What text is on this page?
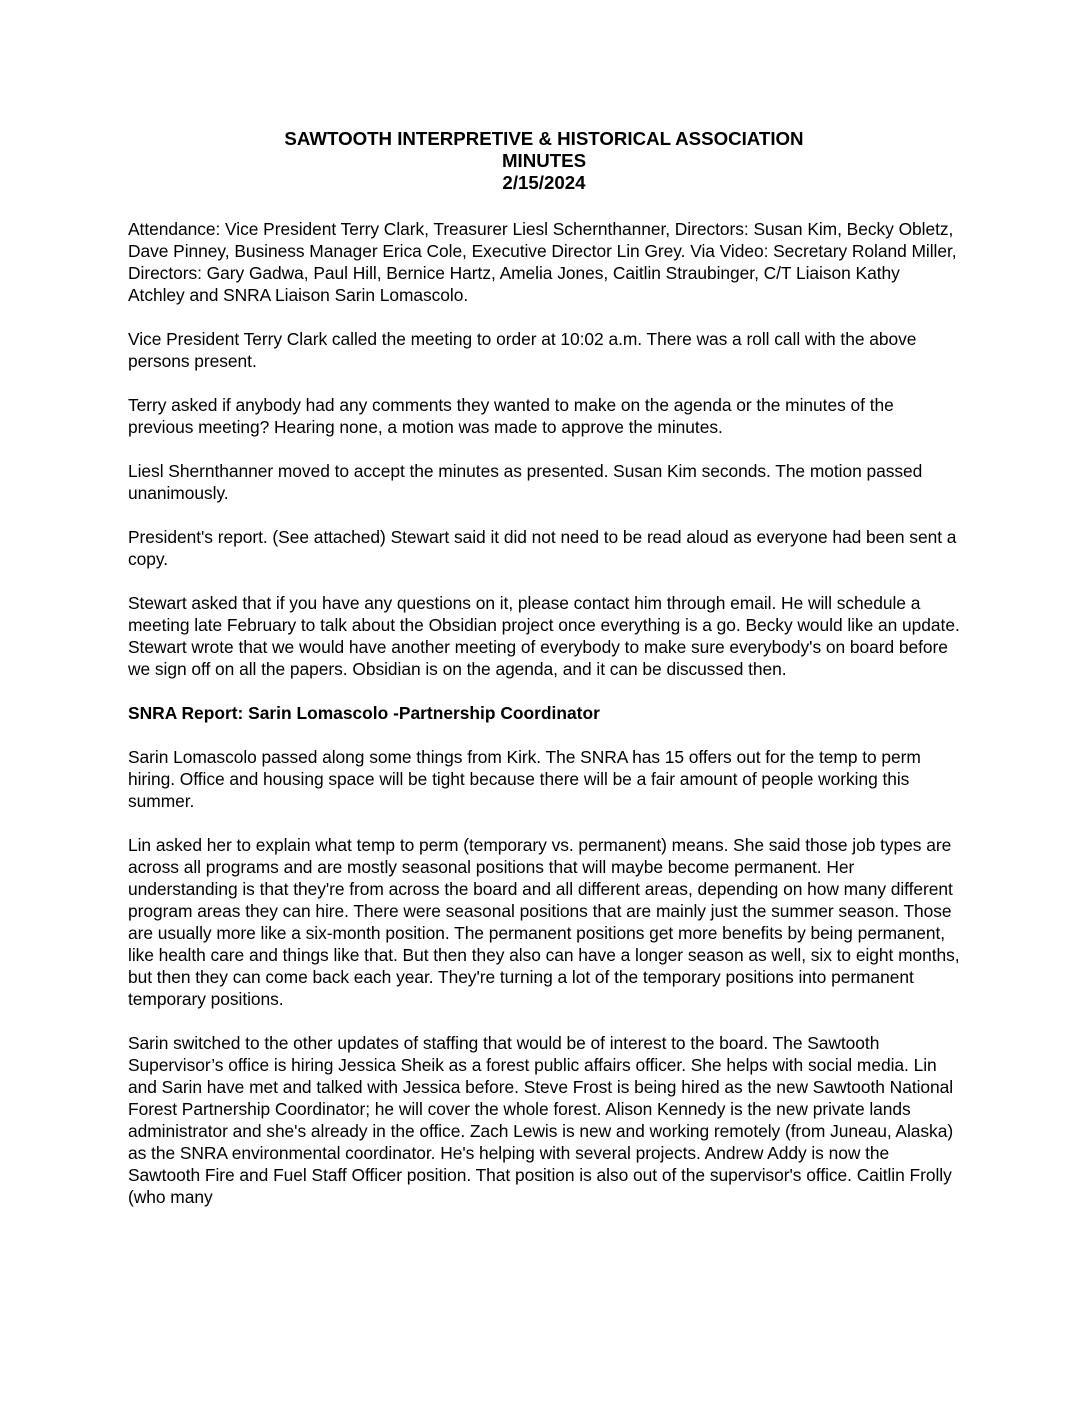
SAWTOOTH INTERPRETIVE & HISTORICAL ASSOCIATION
MINUTES
2/15/2024

Attendance: Vice President Terry Clark, Treasurer Liesl Schernthanner, Directors: Susan Kim, Becky Obletz, Dave Pinney, Business Manager Erica Cole, Executive Director Lin Grey. Via Video: Secretary Roland Miller, Directors: Gary Gadwa, Paul Hill, Bernice Hartz, Amelia Jones, Caitlin Straubinger, C/T Liaison Kathy Atchley and SNRA Liaison Sarin Lomascolo.

Vice President Terry Clark called the meeting to order at 10:02 a.m. There was a roll call with the above persons present.

Terry asked if anybody had any comments they wanted to make on the agenda or the minutes of the previous meeting? Hearing none, a motion was made to approve the minutes.

Liesl Shernthanner moved to accept the minutes as presented. Susan Kim seconds. The motion passed unanimously.

President's report. (See attached) Stewart said it did not need to be read aloud as everyone had been sent a copy.

Stewart asked that if you have any questions on it, please contact him through email. He will schedule a meeting late February to talk about the Obsidian project once everything is a go. Becky would like an update. Stewart wrote that we would have another meeting of everybody to make sure everybody's on board before we sign off on all the papers. Obsidian is on the agenda, and it can be discussed then.

SNRA Report: Sarin Lomascolo -Partnership Coordinator

Sarin Lomascolo passed along some things from Kirk. The SNRA has 15 offers out for the temp to perm hiring. Office and housing space will be tight because there will be a fair amount of people working this summer.

Lin asked her to explain what temp to perm (temporary vs. permanent) means. She said those job types are across all programs and are mostly seasonal positions that will maybe become permanent. Her understanding is that they're from across the board and all different areas, depending on how many different program areas they can hire. There were seasonal positions that are mainly just the summer season. Those are usually more like a six-month position. The permanent positions get more benefits by being permanent, like health care and things like that. But then they also can have a longer season as well, six to eight months, but then they can come back each year. They're turning a lot of the temporary positions into permanent temporary positions.

Sarin switched to the other updates of staffing that would be of interest to the board. The Sawtooth Supervisor’s office is hiring Jessica Sheik as a forest public affairs officer. She helps with social media. Lin and Sarin have met and talked with Jessica before. Steve Frost is being hired as the new Sawtooth National Forest Partnership Coordinator; he will cover the whole forest. Alison Kennedy is the new private lands administrator and she's already in the office. Zach Lewis is new and working remotely (from Juneau, Alaska) as the SNRA environmental coordinator. He's helping with several projects. Andrew Addy is now the Sawtooth Fire and Fuel Staff Officer position. That position is also out of the supervisor's office. Caitlin Frolly (who many
